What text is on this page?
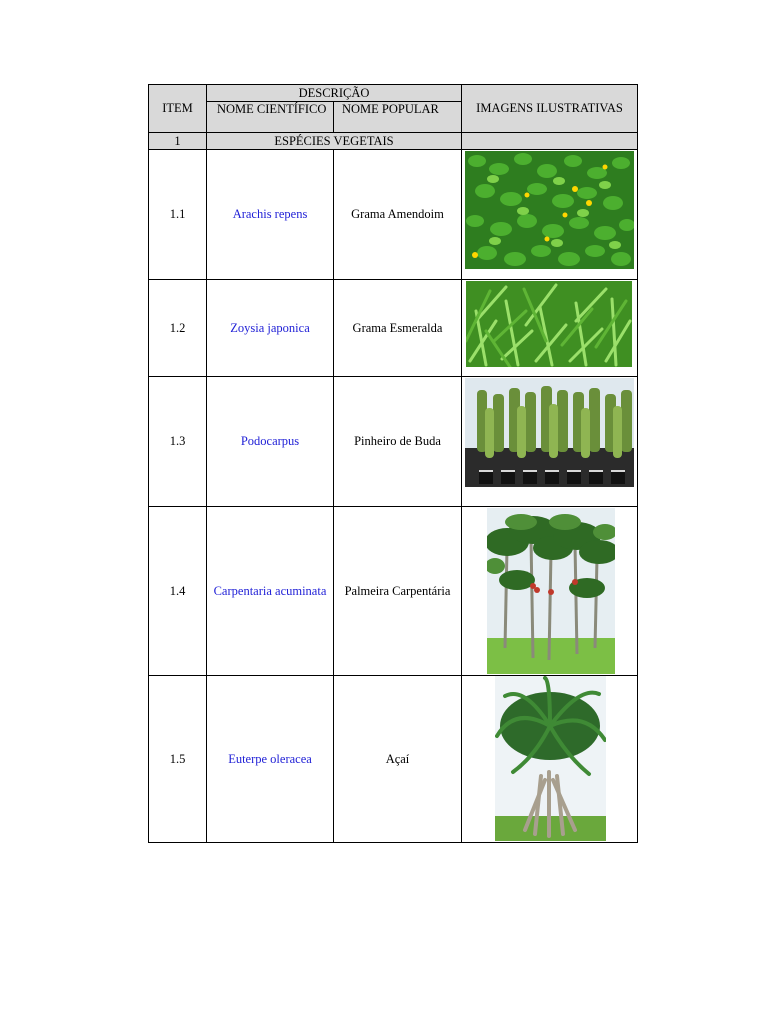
ITEM	DESCRIÇÃO		IMAGENS ILUSTRATIVAS
	NOME CIENTÍFICO	NOME POPULAR	
1	ESPÉCIES VEGETAIS		
1.1	Arachis repens	Grama Amendoim	

1.2	Zoysia japonica	Grama Esmeralda	

1.3	Podocarpus	Pinheiro de Buda	

1.4	Carpentaria acuminata	Palmeira Carpentária	

1.5	Euterpe oleracea	Açaí	
